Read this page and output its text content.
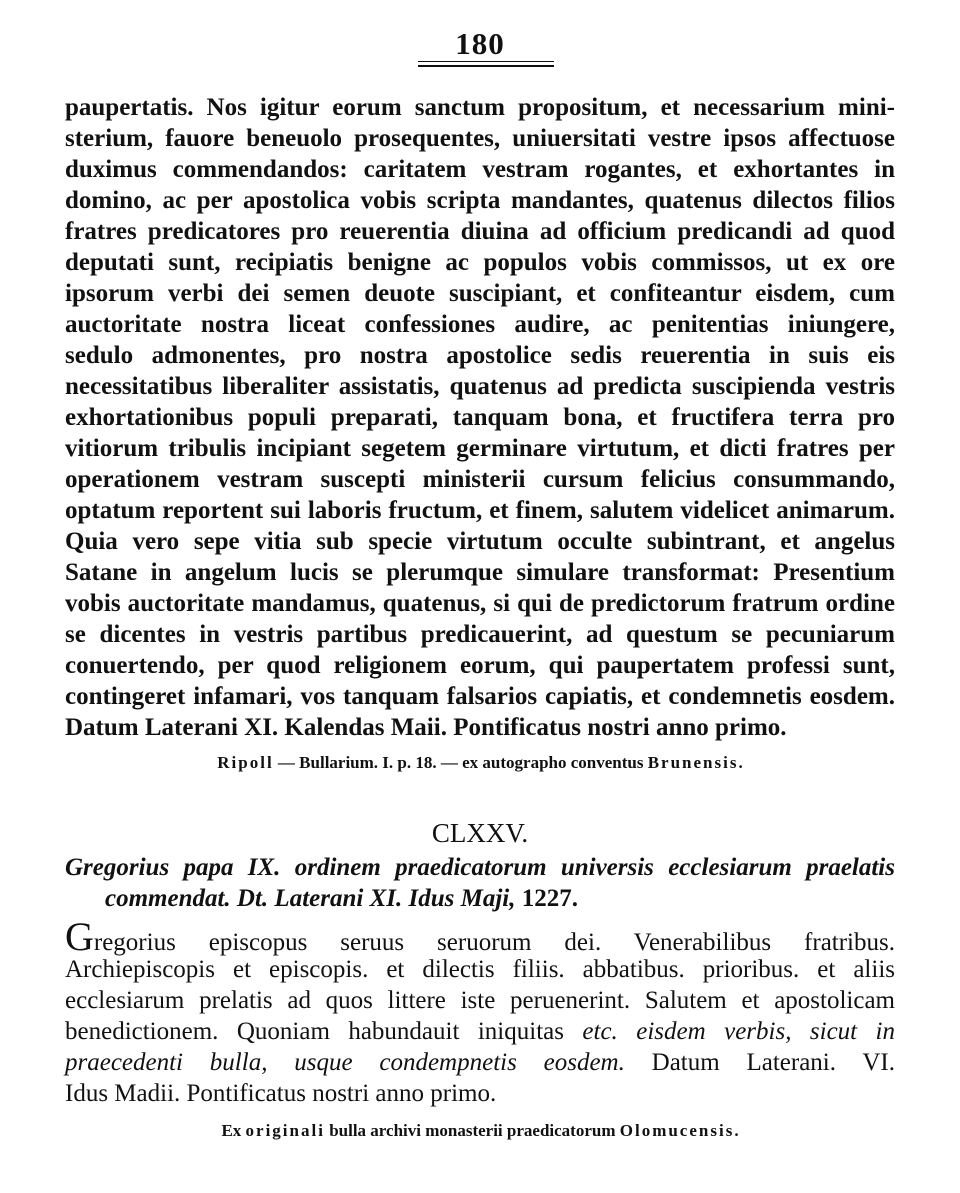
180
paupertatis. Nos igitur eorum sanctum propositum, et necessarium mini-
sterium, fauore beneuolo prosequentes, uniuersitati vestre ipsos affectuose
duximus commendandos: caritatem vestram rogantes, et exhortantes in
domino, ac per apostolica vobis scripta mandantes, quatenus dilectos filios
fratres predicatores pro reuerentia diuina ad officium predicandi ad quod
deputati sunt, recipiatis benigne ac populos vobis commissos, ut ex ore
ipsorum verbi dei semen deuote suscipiant, et confiteantur eisdem, cum
auctoritate nostra liceat confessiones audire, ac penitentias iniungere,
sedulo admonentes, pro nostra apostolice sedis reuerentia in suis eis
necessitatibus liberaliter assistatis, quatenus ad predicta suscipienda vestris
exhortationibus populi preparati, tanquam bona, et fructifera terra pro
vitiorum tribulis incipiant segetem germinare virtutum, et dicti fratres per
operationem vestram suscepti ministerii cursum felicius consummando,
optatum reportent sui laboris fructum, et finem, salutem videlicet animarum.
Quia vero sepe vitia sub specie virtutum occulte subintrant, et angelus
Satane in angelum lucis se plerumque simulare transformat: Presentium
vobis auctoritate mandamus, quatenus, si qui de predictorum fratrum ordine
se dicentes in vestris partibus predicauerint, ad questum se pecuniarum
conuertendo, per quod religionem eorum, qui paupertatem professi sunt,
contingeret infamari, vos tanquam falsarios capiatis, et condemnetis eosdem.
Datum Laterani XI. Kalendas Maii. Pontificatus nostri anno primo.
Ripoll — Bullarium. I. p. 18. — ex autographo conventus Brunensis.
CLXXV.
Gregorius papa IX. ordinem praedicatorum universis ecclesiarum praelatis
commendat. Dt. Laterani XI. Idus Maji, 1227.
Gregorius episcopus seruus seruorum dei. Venerabilibus fratribus.
Archiepiscopis et episcopis. et dilectis filiis. abbatibus. prioribus. et aliis
ecclesiarum prelatis ad quos littere iste peruenerint. Salutem et apostolicam
benedictionem. Quoniam habundauit iniquitas etc. eisdem verbis, sicut in
praecedenti bulla, usque condempnetis eosdem. Datum Laterani. VI.
Idus Madii. Pontificatus nostri anno primo.
Ex originali bulla archivi monasterii praedicatorum Olomucensis.
